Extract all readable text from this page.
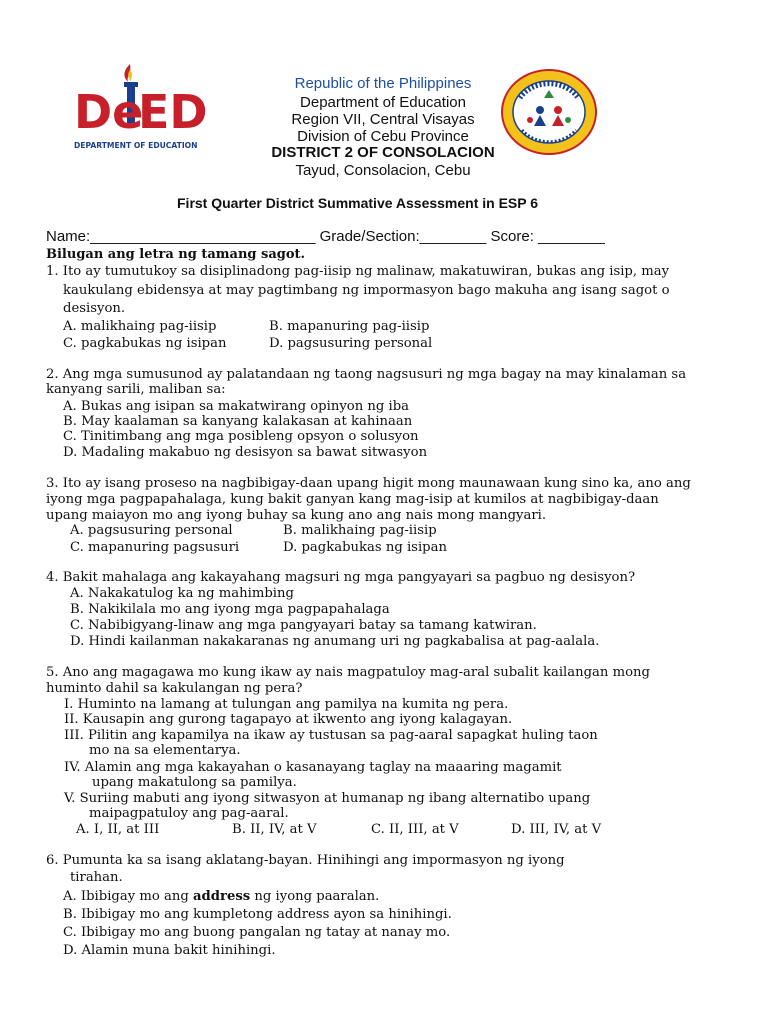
De
ED
DEPARTMENT OF EDUCATION
Republic of the Philippines
Department of Education
Region VII, Central Visayas
Division of Cebu Province
DISTRICT 2 OF CONSOLACION
Tayud, Consolacion, Cebu
First Quarter District Summative Assessment in ESP 6
Name:___________________________ Grade/Section:________ Score: ________
Bilugan ang letra ng tamang sagot.
1. Ito ay tumutukoy sa disiplinadong pag-iisip ng malinaw, makatuwiran, bukas ang isip, may
kaukulang ebidensya at may pagtimbang ng impormasyon bago makuha ang isang sagot o
desisyon.
A. malikhaing pag-iisip	B. mapanuring pag-iisip
C. pagkabukas ng isipan	D. pagsusuring personal
2. Ang mga sumusunod ay palatandaan ng taong nagsusuri ng mga bagay na may kinalaman sa
kanyang sarili, maliban sa:
A. Bukas ang isipan sa makatwirang opinyon ng iba
B. May kaalaman sa kanyang kalakasan at kahinaan
C. Tinitimbang ang mga posibleng opsyon o solusyon
D. Madaling makabuo ng desisyon sa bawat sitwasyon
3. Ito ay isang proseso na nagbibigay-daan upang higit mong maunawaan kung sino ka, ano ang
iyong mga pagpapahalaga, kung bakit ganyan kang mag-isip at kumilos at nagbibigay-daan
upang maiayon mo ang iyong buhay sa kung ano ang nais mong mangyari.
A. pagsusuring personal	B. malikhaing pag-iisip
C. mapanuring pagsusuri	D. pagkabukas ng isipan
4. Bakit mahalaga ang kakayahang magsuri ng mga pangyayari sa pagbuo ng desisyon?
A. Nakakatulog ka ng mahimbing
B. Nakikilala mo ang iyong mga pagpapahalaga
C. Nabibigyang-linaw ang mga pangyayari batay sa tamang katwiran.
D. Hindi kailanman nakakaranas ng anumang uri ng pagkabalisa at pag-aalala.
5. Ano ang magagawa mo kung ikaw ay nais magpatuloy mag-aral subalit kailangan mong
huminto dahil sa kakulangan ng pera?
I. Huminto na lamang at tulungan ang pamilya na kumita ng pera.
II. Kausapin ang gurong tagapayo at ikwento ang iyong kalagayan.
III. Pilitin ang kapamilya na ikaw ay tustusan sa pag-aaral sapagkat huling taon
mo na sa elementarya.
IV. Alamin ang mga kakayahan o kasanayang taglay na maaaring magamit
upang makatulong sa pamilya.
V. Suriing mabuti ang iyong sitwasyon at humanap ng ibang alternatibo upang
maipagpatuloy ang pag-aaral.
A. I, II, at III	B. II, IV, at V	C. II, III, at V	D. III, IV, at V
6. Pumunta ka sa isang aklatang-bayan. Hinihingi ang impormasyon ng iyong
tirahan.
A. Ibibigay mo ang address ng iyong paaralan.
B. Ibibigay mo ang kumpletong address ayon sa hinihingi.
C. Ibibigay mo ang buong pangalan ng tatay at nanay mo.
D. Alamin muna bakit hinihingi.
